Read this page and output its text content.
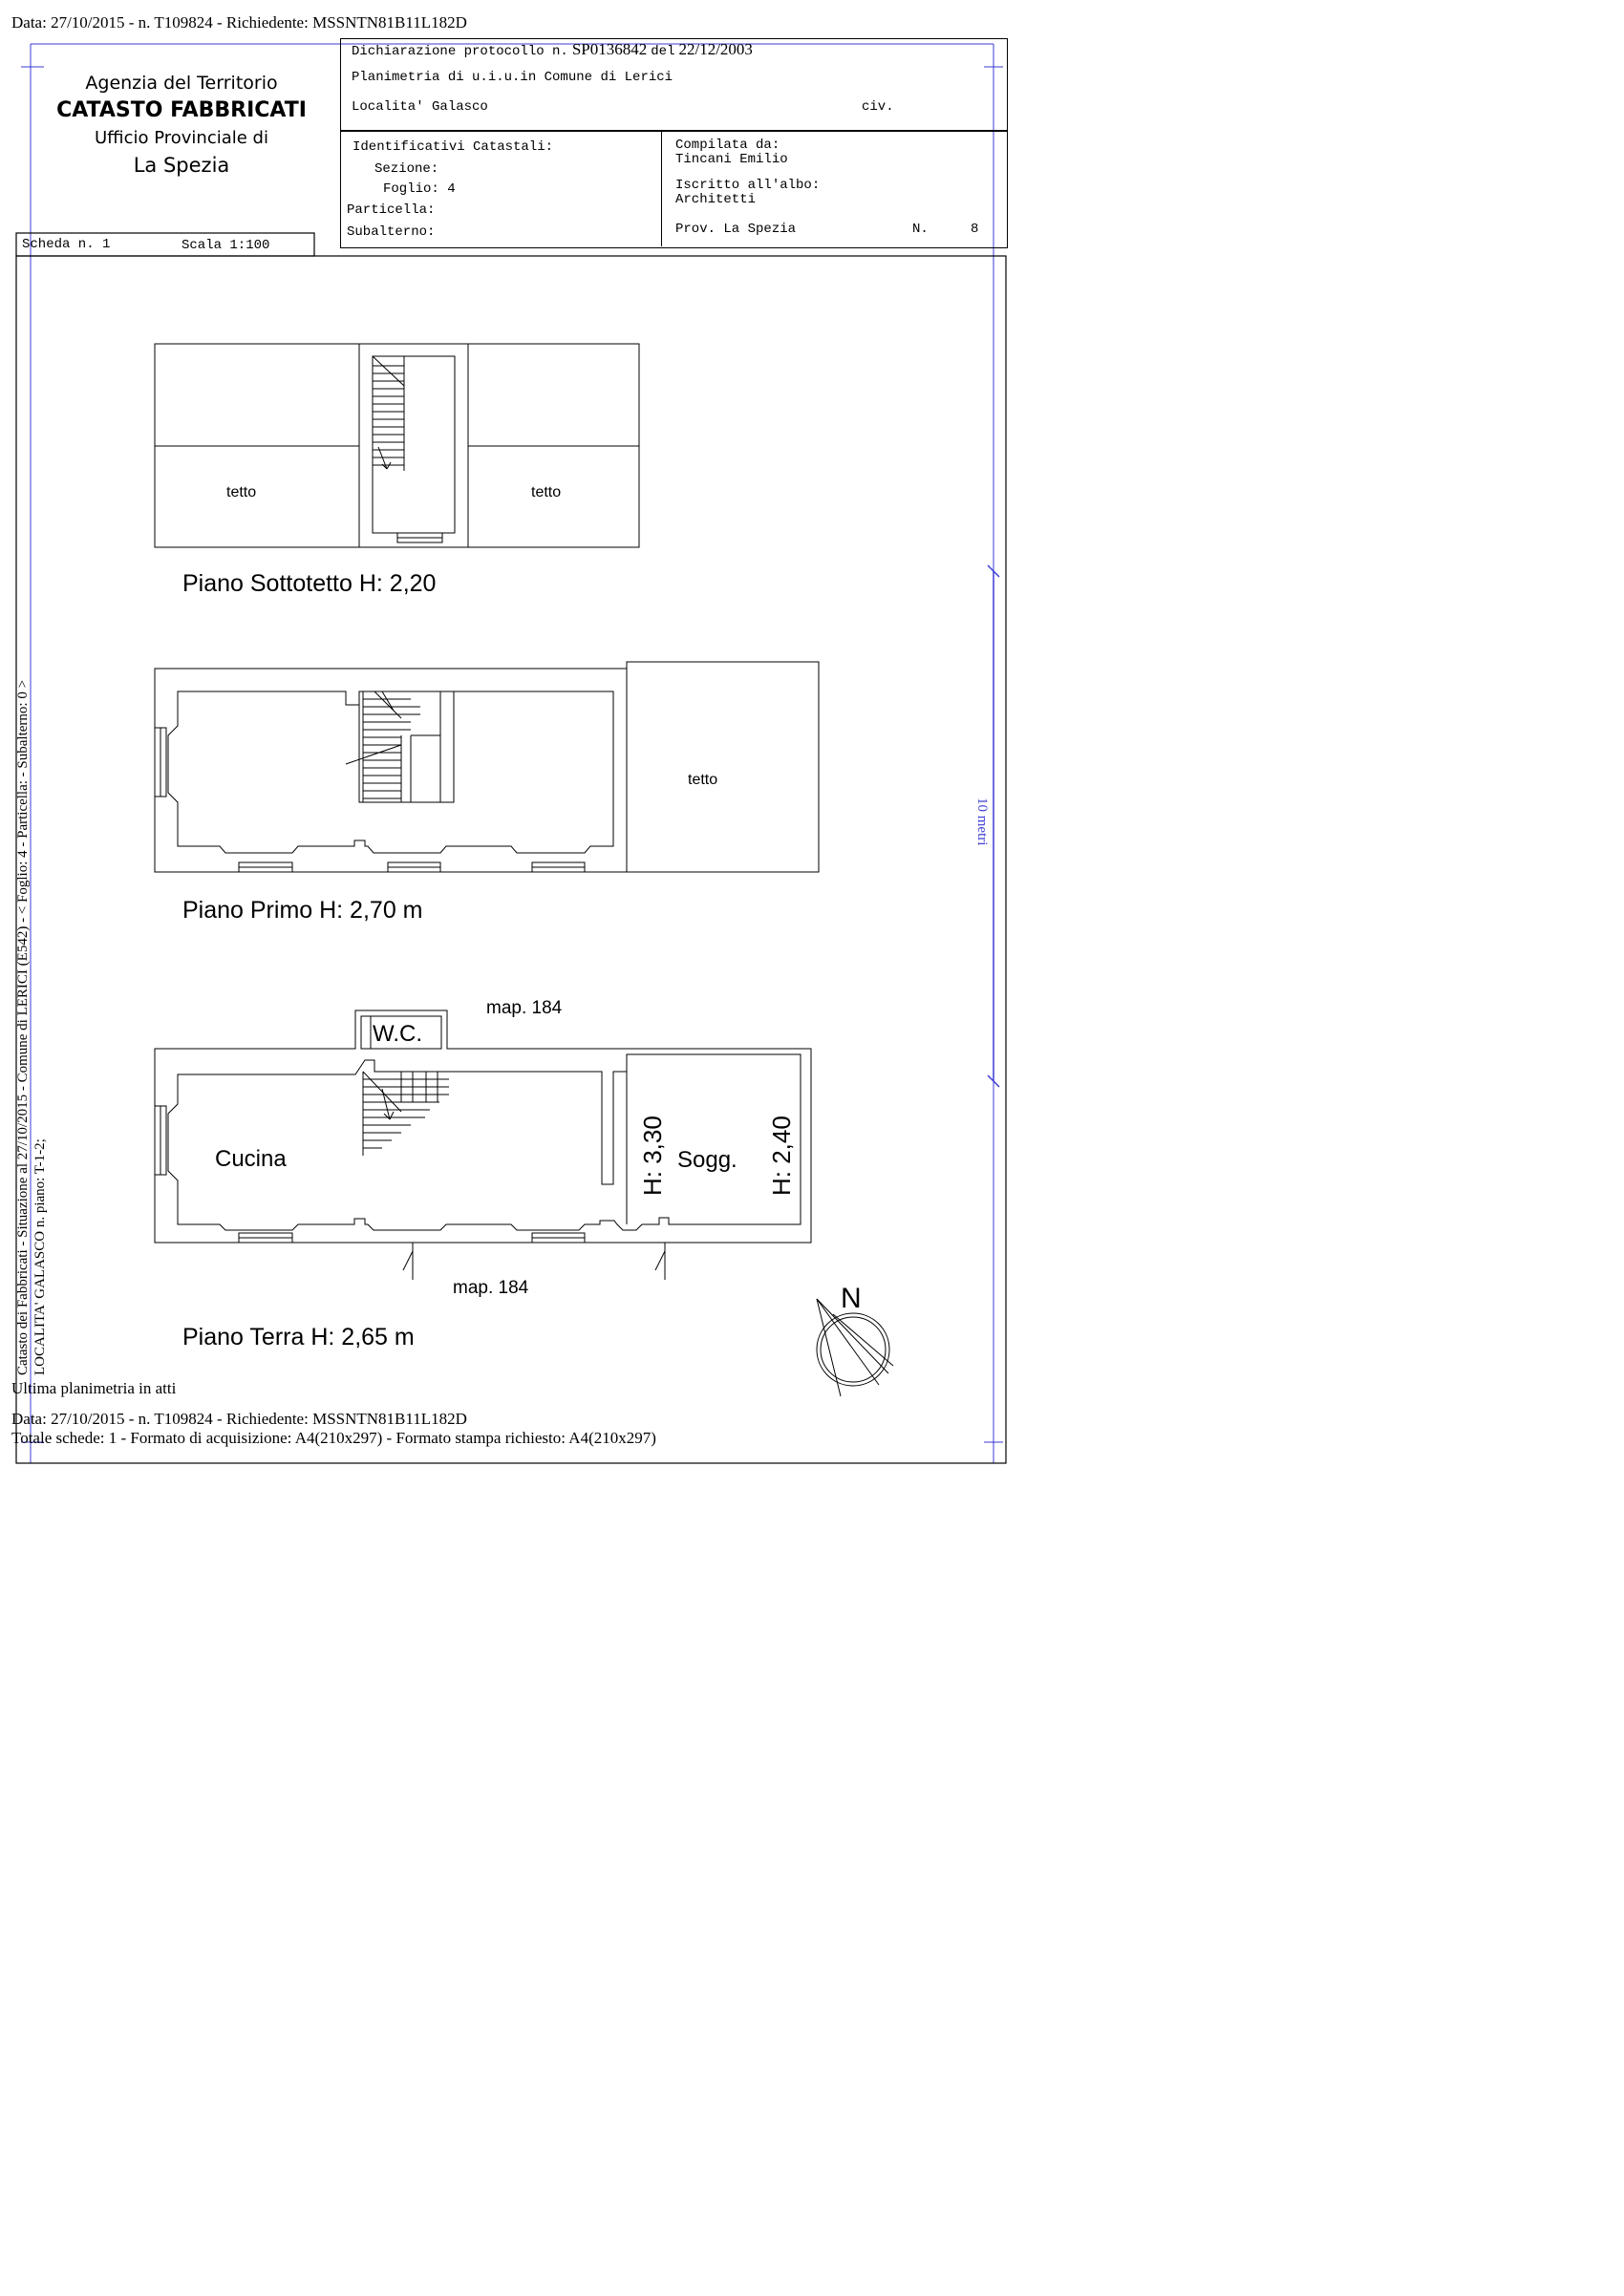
Data: 27/10/2015 - n. T109824 - Richiedente: MSSNTN81B11L182D
Agenzia del Territorio
CATASTO FABBRICATI
Ufficio Provinciale di
La Spezia
Dichiarazione protocollo n. SP0136842 del 22/12/2003
Planimetria di u.i.u.in Comune di Lerici
Localita' Galasco	civ.
Identificativi Catastali:
Sezione:
Foglio: 4
Particella:
Subalterno:
Compilata da:
Tincani Emilio
Iscritto all'albo:
Architetti
Prov. La Spezia	N.	8
Scheda n. 1	Scala 1:100
Catasto dei Fabbricati - Situazione al 27/10/2015 - Comune di LERICI (E542) - < Foglio: 4 - Particella: - Subalterno: 0 > LOCALITA' GALASCO n. piano: T-1-2;
10 metri
tetto	tetto
Piano Sottotetto H: 2,20
tetto
Piano Primo H: 2,70 m
map. 184
W.C.
Cucina	Sogg.
H: 3,30	H: 2,40
map. 184
Piano Terra H: 2,65 m
N
Ultima planimetria in atti
Data: 27/10/2015 - n. T109824 - Richiedente: MSSNTN81B11L182D
Totale schede: 1 - Formato di acquisizione: A4(210x297) - Formato stampa richiesto: A4(210x297)
